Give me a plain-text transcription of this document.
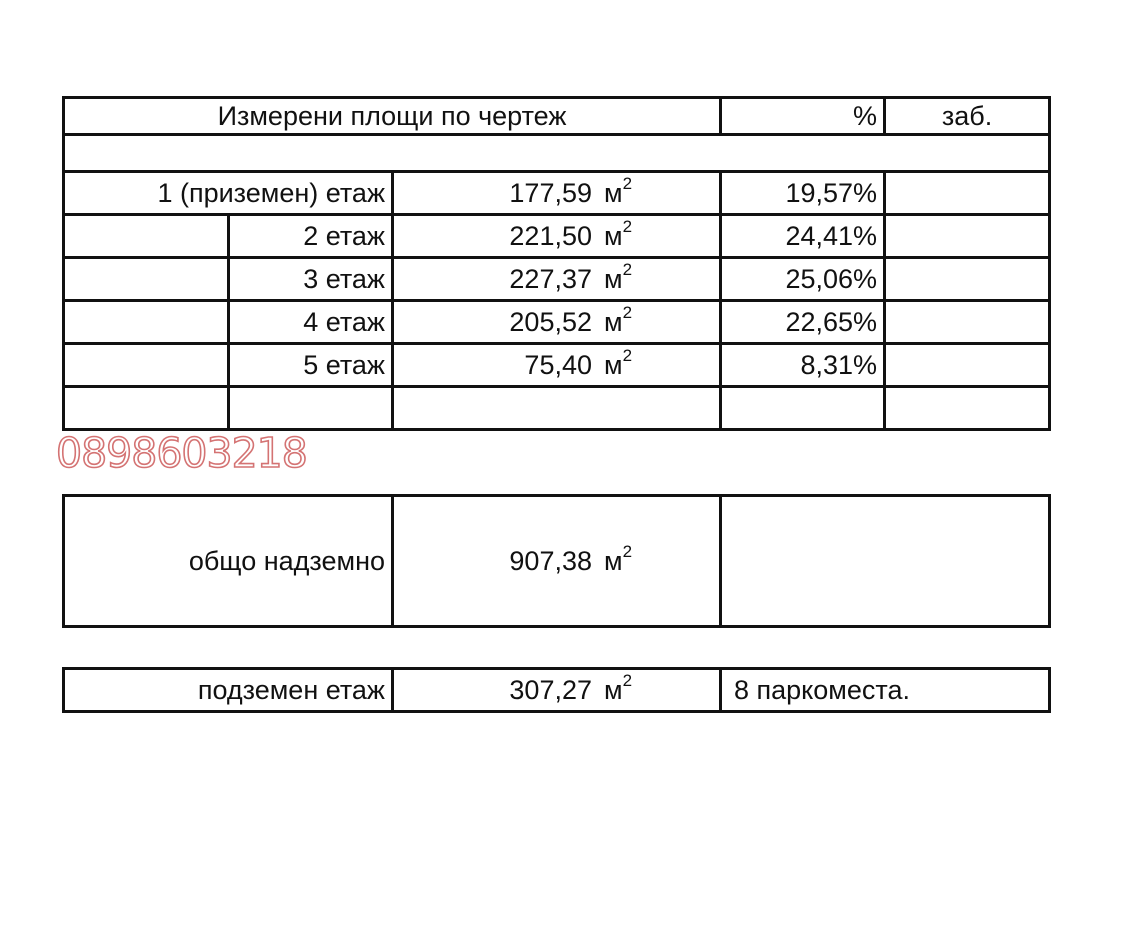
Измерени площи по чертеж			%	заб.

1 (приземен) етаж		177,59 $м^2$	19,57%	
	2 етаж	221,50 $м^2$	24,41%	
	3 етаж	227,37 $м^2$	25,06%	
	4 етаж	205,52 $м^2$	22,65%	
	5 етаж	75,40 $м^2$	8,31%	

0898603218
общо надземно	907,38 $м^2$	
подземен етаж	307,27 $м^2$	8 паркоместа.
